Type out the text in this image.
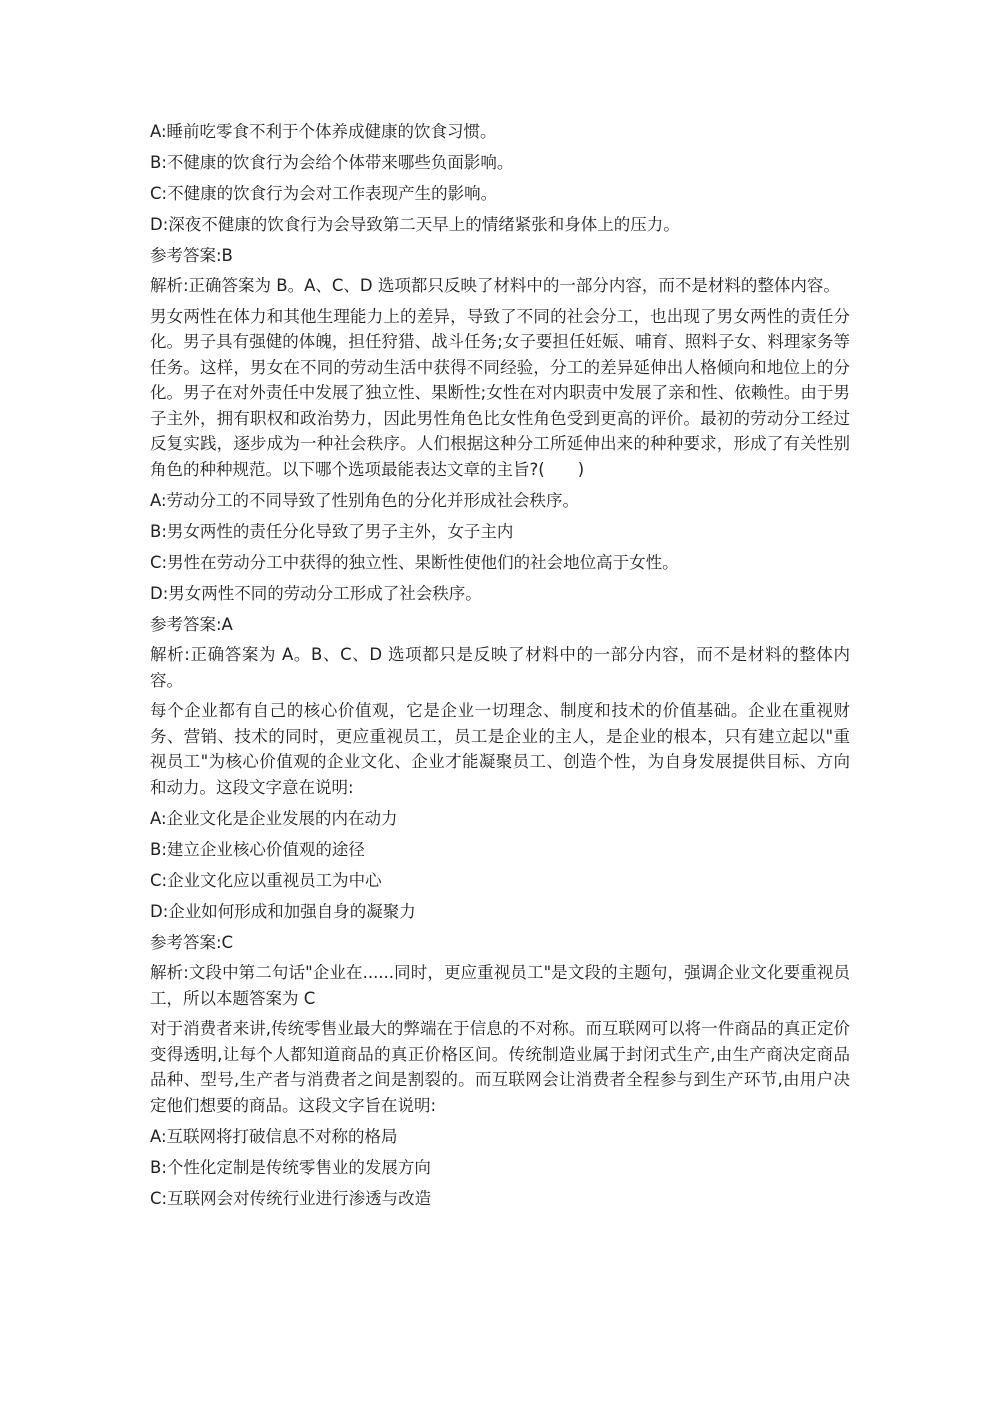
A:睡前吃零食不利于个体养成健康的饮食习惯。
B:不健康的饮食行为会给个体带来哪些负面影响。
C:不健康的饮食行为会对工作表现产生的影响。
D:深夜不健康的饮食行为会导致第二天早上的情绪紧张和身体上的压力。
参考答案:B
解析:正确答案为 B。A、C、D 选项都只反映了材料中的一部分内容，而不是材料的整体内容。
男女两性在体力和其他生理能力上的差异，导致了不同的社会分工，也出现了男女两性的责任分化。男子具有强健的体魄，担任狩猎、战斗任务;女子要担任妊娠、哺育、照料子女、料理家务等任务。这样，男女在不同的劳动生活中获得不同经验，分工的差异延伸出人格倾向和地位上的分化。男子在对外责任中发展了独立性、果断性;女性在对内职责中发展了亲和性、依赖性。由于男子主外，拥有职权和政治势力，因此男性角色比女性角色受到更高的评价。最初的劳动分工经过反复实践，逐步成为一种社会秩序。人们根据这种分工所延伸出来的种种要求，形成了有关性别角色的种种规范。以下哪个选项最能表达文章的主旨?(　　)
A:劳动分工的不同导致了性别角色的分化并形成社会秩序。
B:男女两性的责任分化导致了男子主外，女子主内
C:男性在劳动分工中获得的独立性、果断性使他们的社会地位高于女性。
D:男女两性不同的劳动分工形成了社会秩序。
参考答案:A
解析:正确答案为 A。B、C、D 选项都只是反映了材料中的一部分内容，而不是材料的整体内容。
每个企业都有自己的核心价值观，它是企业一切理念、制度和技术的价值基础。企业在重视财务、营销、技术的同时，更应重视员工，员工是企业的主人，是企业的根本，只有建立起以"重视员工"为核心价值观的企业文化、企业才能凝聚员工、创造个性，为自身发展提供目标、方向和动力。这段文字意在说明:
A:企业文化是企业发展的内在动力
B:建立企业核心价值观的途径
C:企业文化应以重视员工为中心
D:企业如何形成和加强自身的凝聚力
参考答案:C
解析:文段中第二句话"企业在......同时，更应重视员工"是文段的主题句，强调企业文化要重视员工，所以本题答案为 C
对于消费者来讲,传统零售业最大的弊端在于信息的不对称。而互联网可以将一件商品的真正定价变得透明,让每个人都知道商品的真正价格区间。传统制造业属于封闭式生产,由生产商决定商品品种、型号,生产者与消费者之间是割裂的。而互联网会让消费者全程参与到生产环节,由用户决定他们想要的商品。这段文字旨在说明:
A:互联网将打破信息不对称的格局
B:个性化定制是传统零售业的发展方向
C:互联网会对传统行业进行渗透与改造
